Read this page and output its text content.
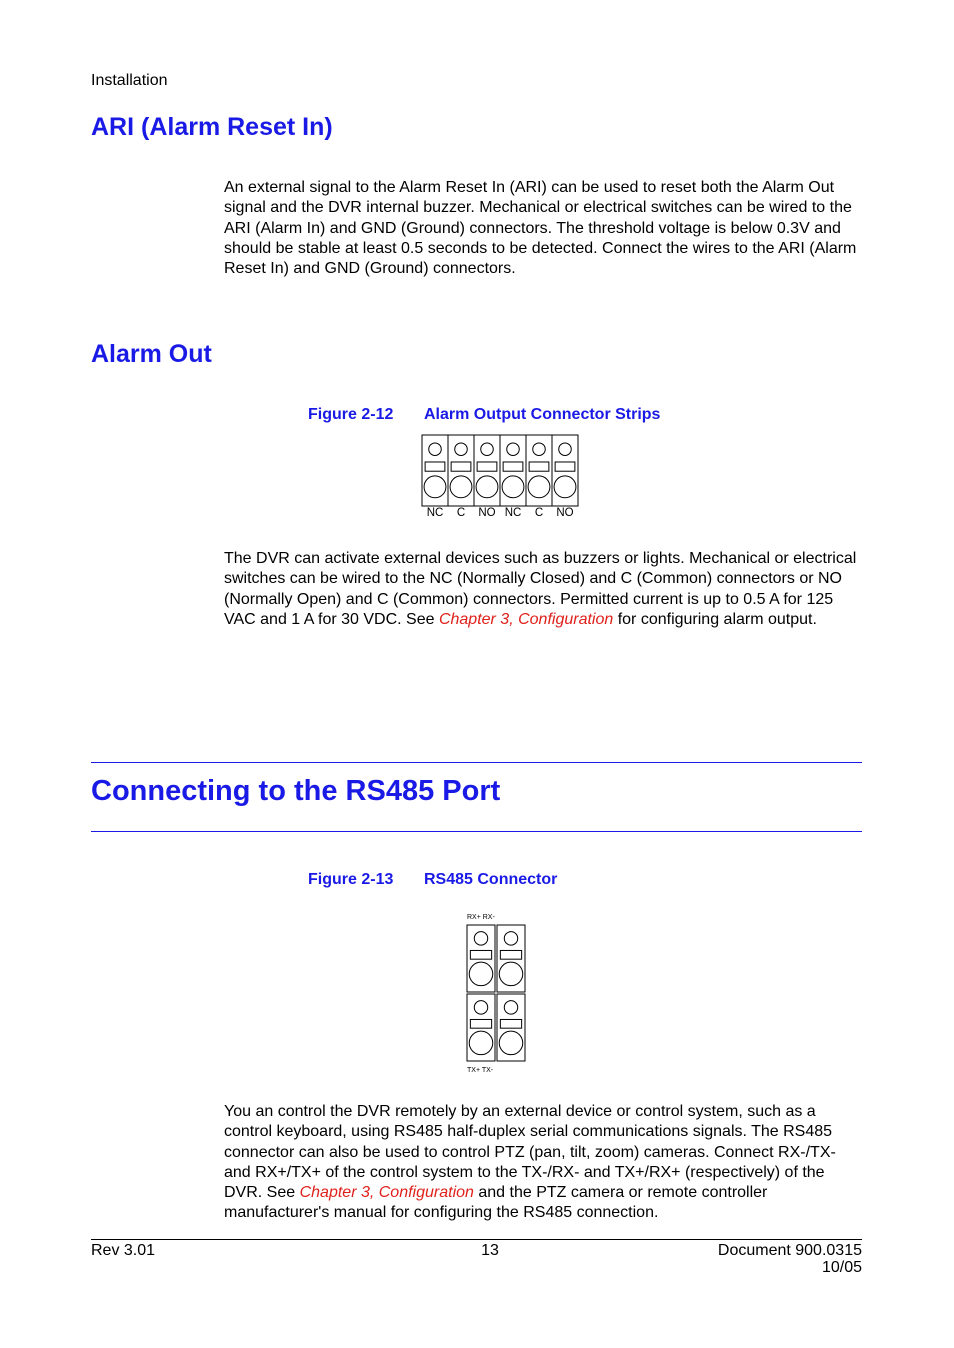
Installation
ARI (Alarm Reset In)
An external signal to the Alarm Reset In (ARI) can be used to reset both the Alarm Out signal and the DVR internal buzzer. Mechanical or electrical switches can be wired to the ARI (Alarm In) and GND (Ground) connectors. The threshold voltage is below 0.3V and should be stable at least 0.5 seconds to be detected. Connect the wires to the ARI (Alarm Reset In) and GND (Ground) connectors.
Alarm Out
Figure 2-12 Alarm Output Connector Strips
NC C NO NC C NO
The DVR can activate external devices such as buzzers or lights. Mechanical or electrical switches can be wired to the NC (Normally Closed) and C (Common) connectors or NO (Normally Open) and C (Common) connectors. Permitted current is up to 0.5 A for 125 VAC and 1 A for 30 VDC. See Chapter 3, Configuration for configuring alarm output.
Connecting to the RS485 Port
Figure 2-13 RS485 Connector
RX+ RX-
TX+ TX-
You an control the DVR remotely by an external device or control system, such as a control keyboard, using RS485 half-duplex serial communications signals. The RS485 connector can also be used to control PTZ (pan, tilt, zoom) cameras. Connect RX-/TX- and RX+/TX+ of the control system to the TX-/RX- and TX+/RX+ (respectively) of the DVR. See Chapter 3, Configuration and the PTZ camera or remote controller manufacturer's manual for configuring the RS485 connection.
Rev 3.01	13	Document 900.0315
10/05
